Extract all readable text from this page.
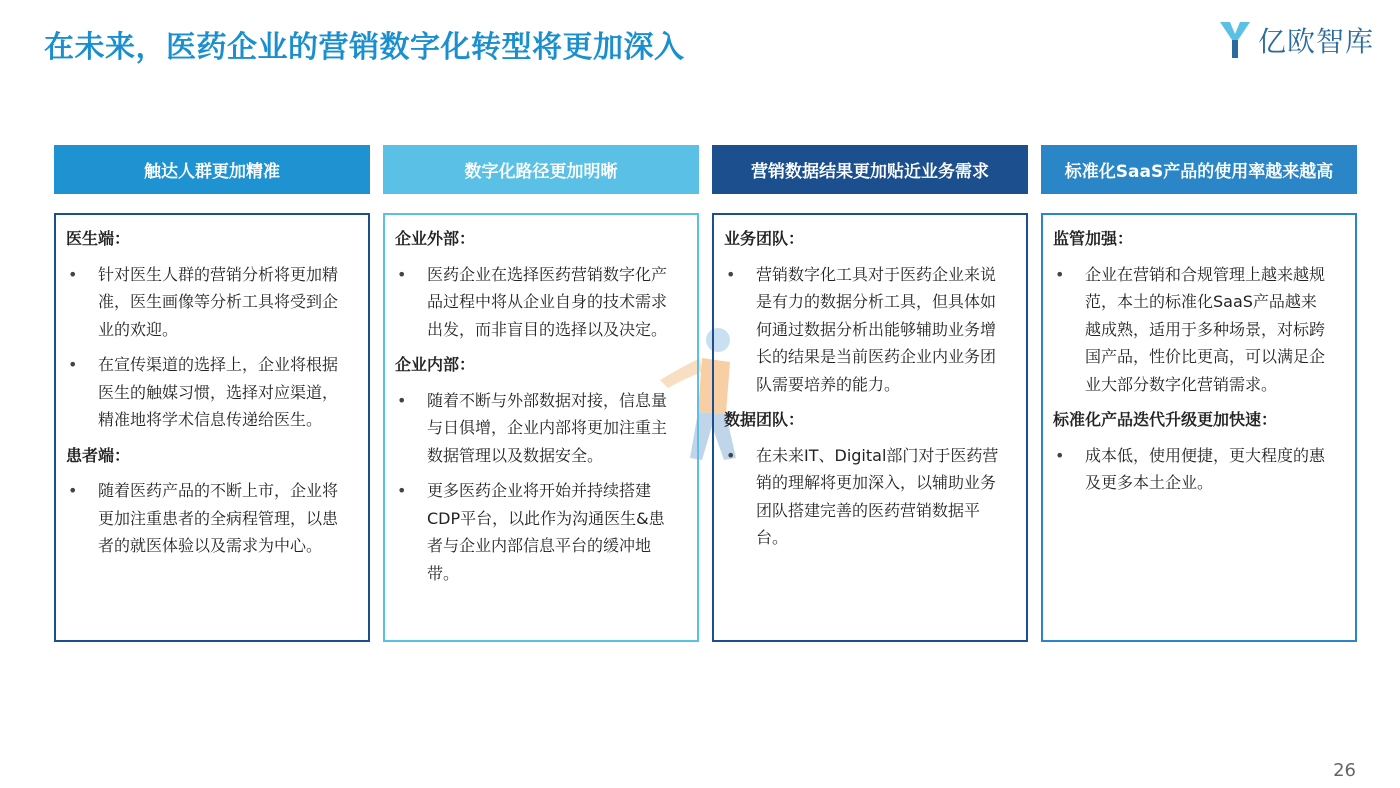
在未来，医药企业的营销数字化转型将更加深入	亿欧智库
触达人群更加精准
医生端：
•	针对医生人群的营销分析将更加精准，医生画像等分析工具将受到企业的欢迎。
•	在宣传渠道的选择上，企业将根据医生的触媒习惯，选择对应渠道，精准地将学术信息传递给医生。
患者端：
•	随着医药产品的不断上市，企业将更加注重患者的全病程管理，以患者的就医体验以及需求为中心。
数字化路径更加明晰
企业外部：
•	医药企业在选择医药营销数字化产品过程中将从企业自身的技术需求出发，而非盲目的选择以及决定。
企业内部：
•	随着不断与外部数据对接，信息量与日俱增，企业内部将更加注重主数据管理以及数据安全。
•	更多医药企业将开始并持续搭建CDP平台，以此作为沟通医生&患者与企业内部信息平台的缓冲地带。
营销数据结果更加贴近业务需求
业务团队：
•	营销数字化工具对于医药企业来说是有力的数据分析工具，但具体如何通过数据分析出能够辅助业务增长的结果是当前医药企业内业务团队需要培养的能力。
数据团队：
•	在未来IT、Digital部门对于医药营销的理解将更加深入，以辅助业务团队搭建完善的医药营销数据平台。
标准化SaaS产品的使用率越来越高
监管加强：
•	企业在营销和合规管理上越来越规范，本土的标准化SaaS产品越来越成熟，适用于多种场景，对标跨国产品，性价比更高，可以满足企业大部分数字化营销需求。
标准化产品迭代升级更加快速：
•	成本低，使用便捷，更大程度的惠及更多本土企业。
26
